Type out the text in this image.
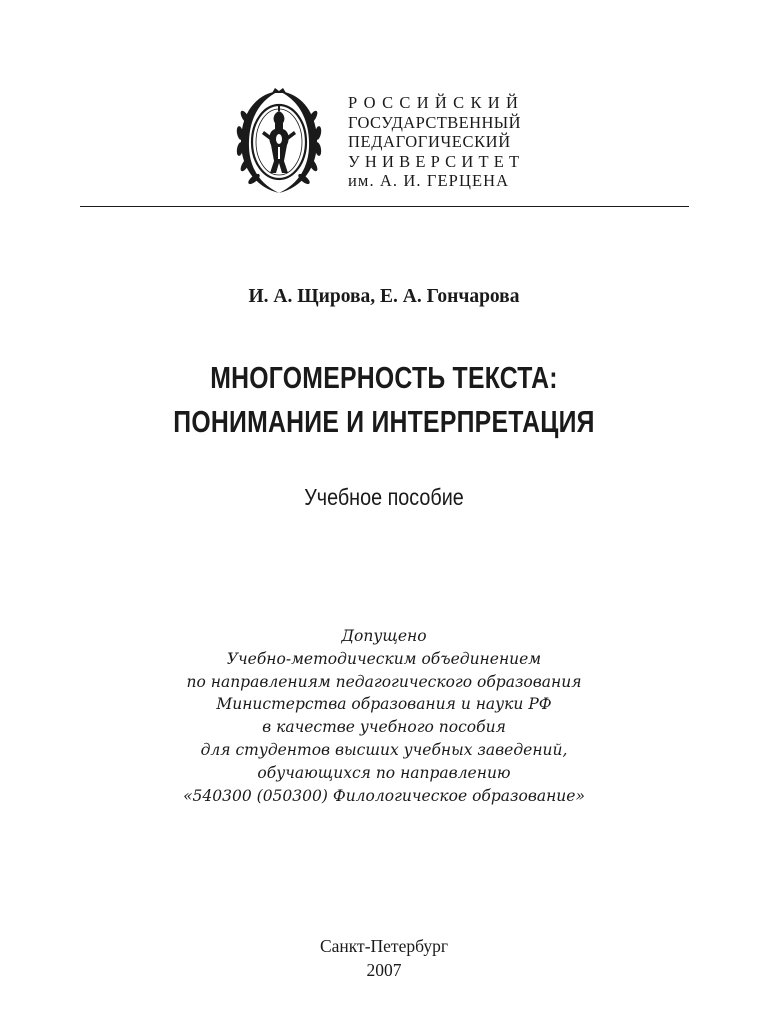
РОССИЙСКИЙ
ГОСУДАРСТВЕННЫЙ
ПЕДАГОГИЧЕСКИЙ
УНИВЕРСИТЕТ
им. А. И. ГЕРЦЕНА
И. А. Щирова, Е. А. Гончарова
МНОГОМЕРНОСТЬ ТЕКСТА:
ПОНИМАНИЕ И ИНТЕРПРЕТАЦИЯ
Учебное пособие
Допущено
Учебно-методическим объединением
по направлениям педагогического образования
Министерства образования и науки РФ
в качестве учебного пособия
для студентов высших учебных заведений,
обучающихся по направлению
«540300 (050300) Филологическое образование»
Санкт-Петербург
2007
